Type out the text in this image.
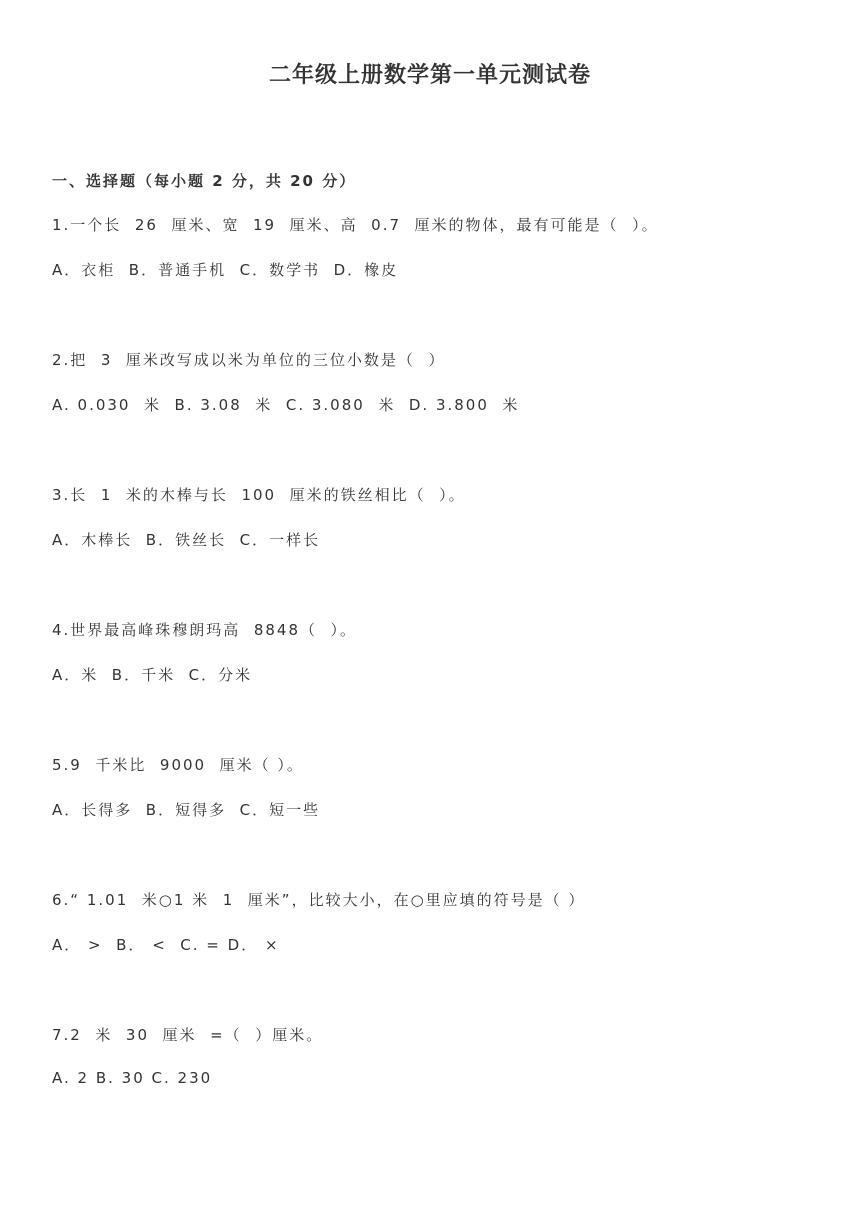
二年级上册数学第一单元测试卷
一、选择题（每小题 2 分，共 20 分）
1.一个长  26  厘米、宽  19  厘米、高  0.7  厘米的物体，最有可能是（  ）。
A．衣柜  B．普通手机  C．数学书  D．橡皮
2.把  3  厘米改写成以米为单位的三位小数是（  ）
A. 0.030  米  B. 3.08  米  C. 3.080  米  D. 3.800  米
3.长  1  米的木棒与长  100  厘米的铁丝相比（  ）。
A．木棒长  B．铁丝长  C．一样长
4.世界最高峰珠穆朗玛高  8848（  ）。
A．米  B．千米  C．分米
5.9  千米比  9000  厘米（ ）。
A．长得多  B．短得多  C．短一些
6.“ 1.01  米○1 米  1  厘米”，比较大小，在○里应填的符号是（ ）
A． >  B． <  C. = D． ×
7.2  米  30  厘米  =（  ）厘米。
A. 2 B. 30 C. 230
